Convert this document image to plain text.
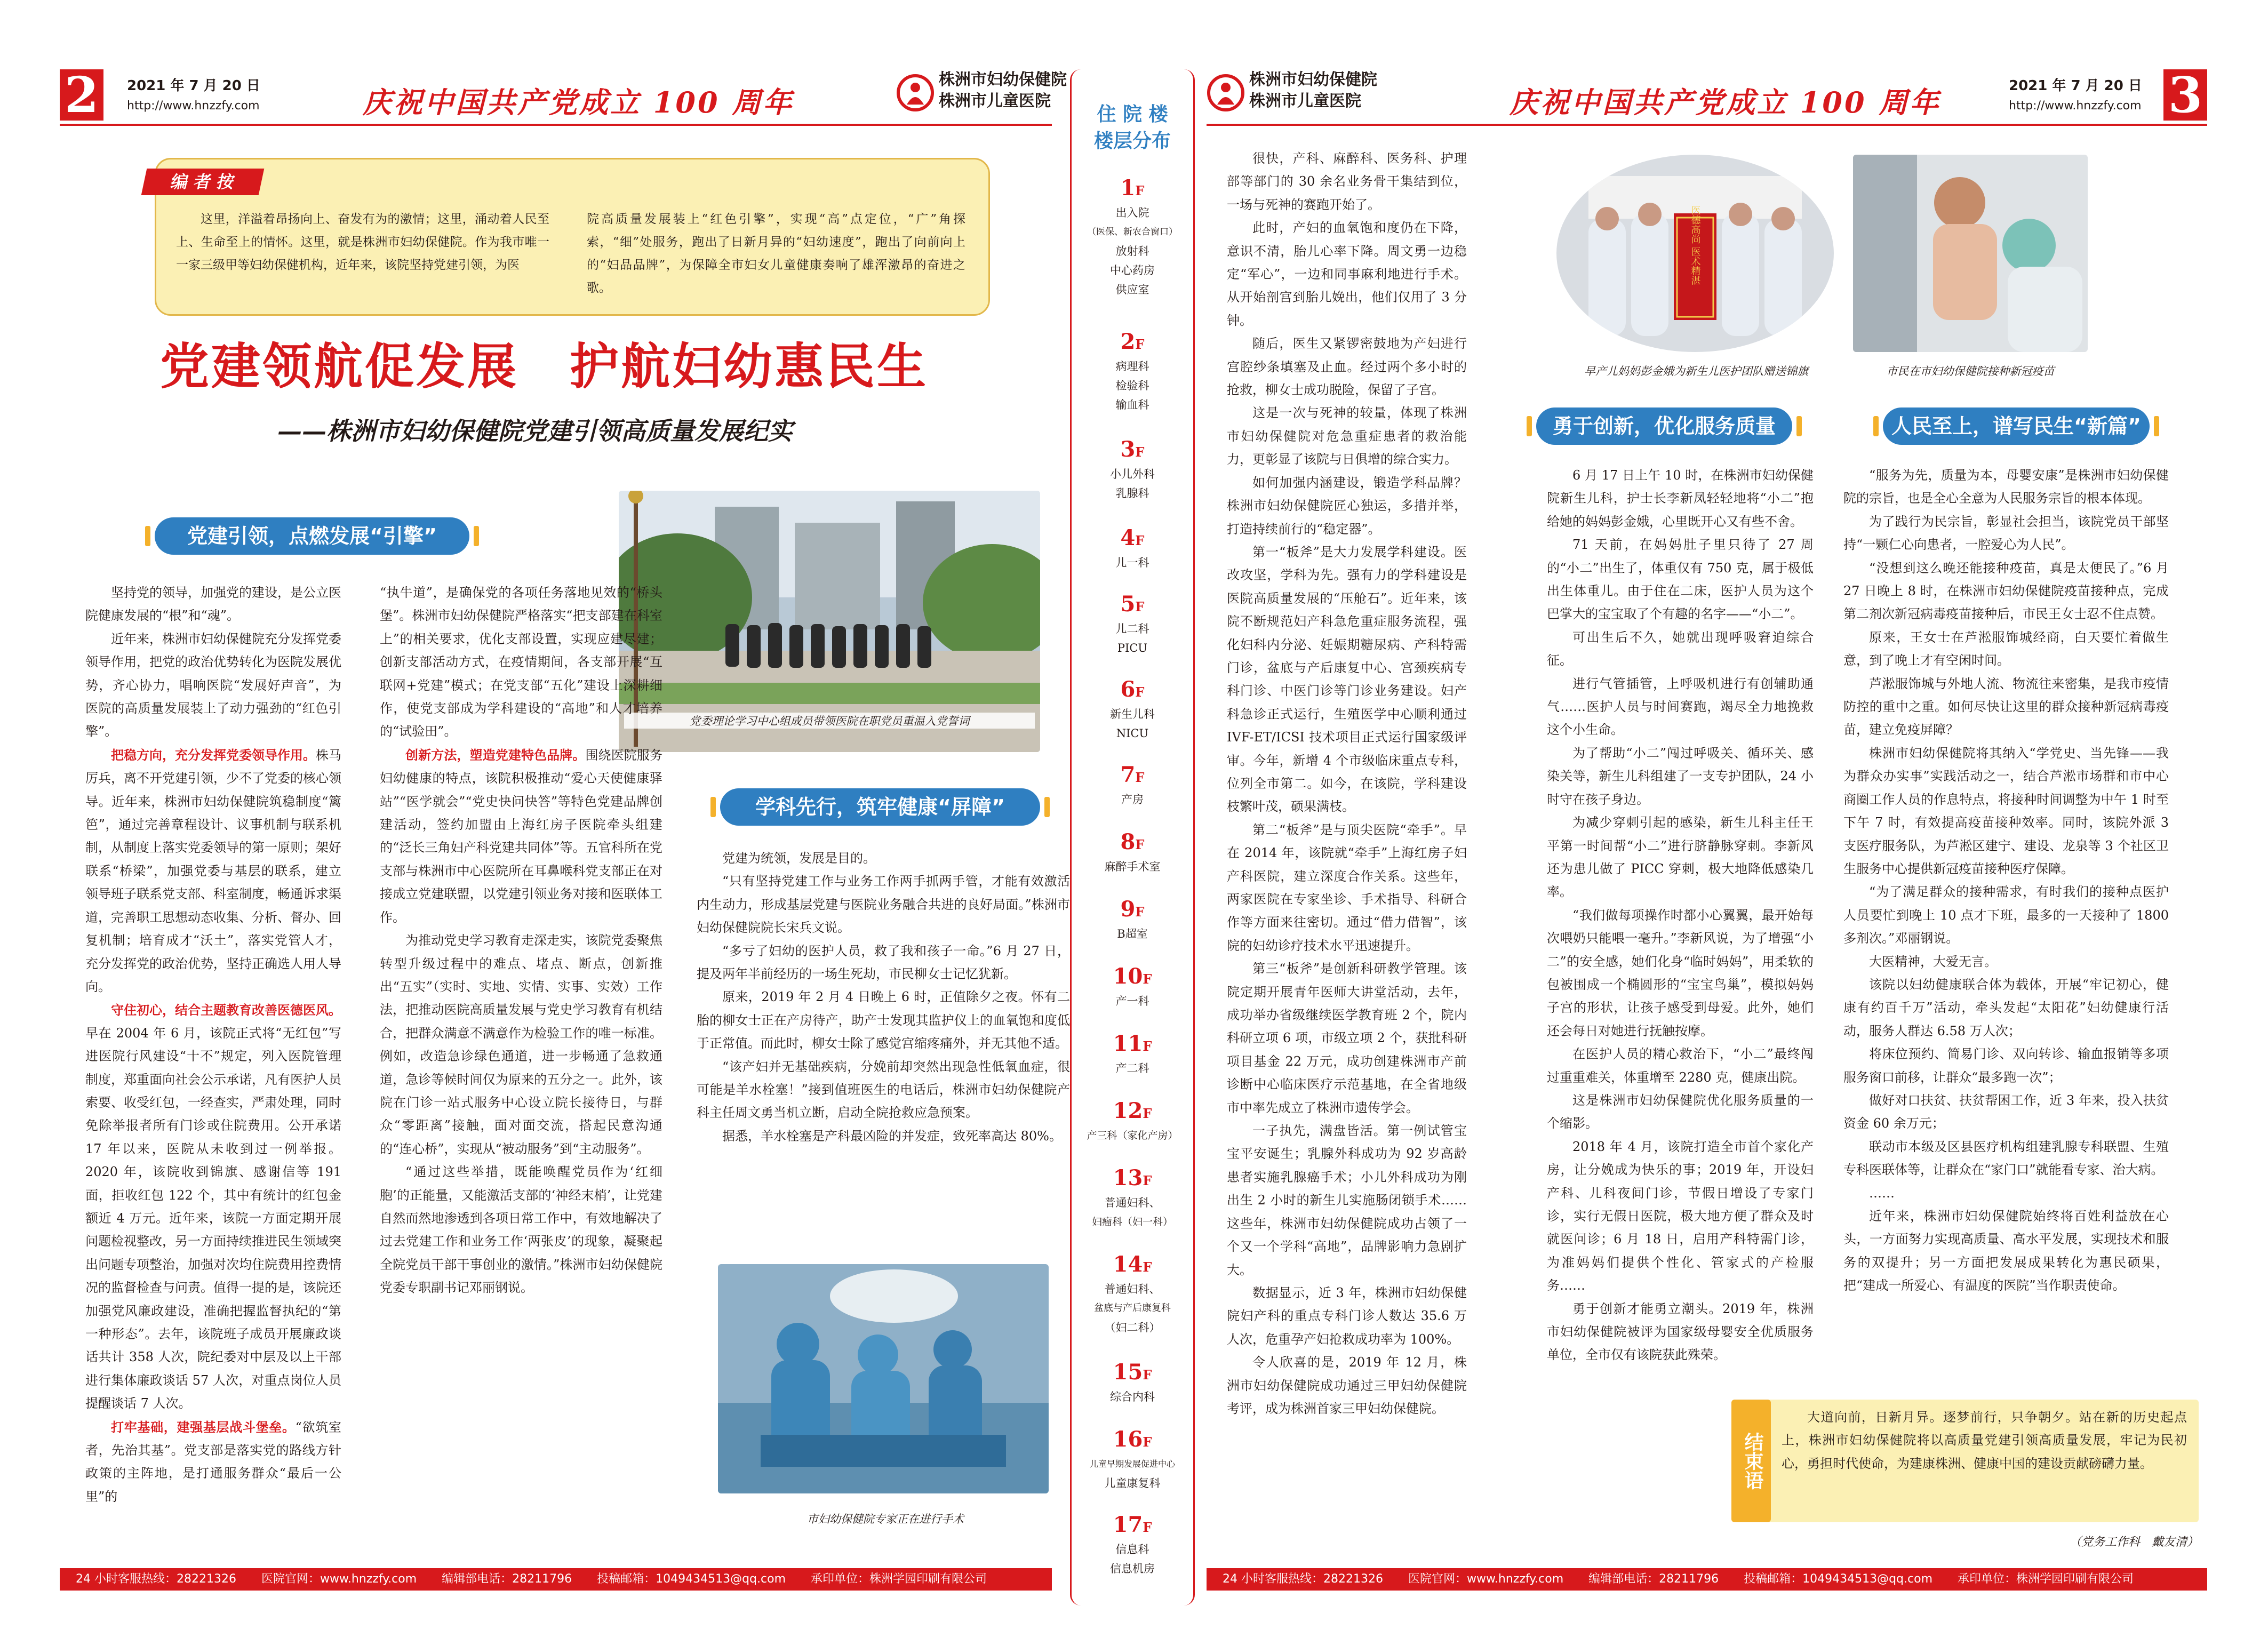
2	2021 年 7 月 20 日
http://www.hnzzfy.com	庆祝中国共产党成立 100 周年
株洲市妇幼保健院
株洲市儿童医院
编 者 按
这里，洋溢着昂扬向上、奋发有为的激情；这里，涌动着人民至上、生命至上的情怀。这里，就是株洲市妇幼保健院。作为我市唯一一家三级甲等妇幼保健机构，近年来，该院坚持党建引领，为医
院高质量发展装上“红色引擎”，实现“高”点定位，“广”角探索，“细”处服务，跑出了日新月异的“妇幼速度”，跑出了向前向上的“妇品品牌”，为保障全市妇女儿童健康奏响了雄浑激昂的奋进之歌。
党建领航促发展　护航妇幼惠民生
——株洲市妇幼保健院党建引领高质量发展纪实
党建引领，点燃发展“引擎”
党委理论学习中心组成员带领医院在职党员重温入党誓词

坚持党的领导，加强党的建设，是公立医院健康发展的“根”和“魂”。

近年来，株洲市妇幼保健院充分发挥党委领导作用，把党的政治优势转化为医院发展优势，齐心协力，唱响医院“发展好声音”，为医院的高质量发展装上了动力强劲的“红色引擎”。

把稳方向，充分发挥党委领导作用。

株马厉兵，离不开党建引领，少不了党委的核心领导。近年来，株洲市妇幼保健院筑稳制度“篱笆”，通过完善章程设计、议事机制与联系机制，从制度上落实党委领导的第一原则；架好联系“桥梁”，加强党委与基层的联系，建立领导班子联系党支部、科室制度，畅通诉求渠道，完善职工思想动态收集、分析、督办、回复机制；培育成才“沃土”，落实党管人才，充分发挥党的政治优势，坚持正确选人用人导向。

守住初心，结合主题教育改善医德医风。

早在 2004 年 6 月，该院正式将“无红包”写进医院行风建设“十不”规定，列入医院管理制度，郑重面向社会公示承诺，凡有医护人员索要、收受红包，一经查实，严肃处理，同时免除举报者所有门诊或住院费用。公开承诺 17 年以来，医院从未收到过一例举报。2020 年，该院收到锦旗、感谢信等 191 面，拒收红包 122 个，其中有统计的红包金额近 4 万元。近年来，该院一方面定期开展问题检视整改，另一方面持续推进民生领域突出问题专项整治，加强对次均住院费用控费情况的监督检查与问责。值得一提的是，该院还加强党风廉政建设，准确把握监督执纪的“第一种形态”。去年，该院班子成员开展廉政谈话共计 358 人次，院纪委对中层及以上干部进行集体廉政谈话 57 人次，对重点岗位人员提醒谈话 7 人次。

打牢基础，建强基层战斗堡垒。

“欲筑室者，先治其基”。党支部是落实党的路线方针政策的主阵地，是打通服务群众“最后一公里”的

“执牛道”，是确保党的各项任务落地见效的“桥头堡”。株洲市妇幼保健院严格落实“把支部建在科室上”的相关要求，优化支部设置，实现应建尽建；创新支部活动方式，在疫情期间，各支部开展“互联网+党建”模式；在党支部“五化”建设上深耕细作，使党支部成为学科建设的“高地”和人才培养的“试验田”。

创新方法，塑造党建特色品牌。

围绕医院服务妇幼健康的特点，该院积极推动“爱心天使健康驿站”“医学就会”“党史快问快答”等特色党建品牌创建活动，签约加盟由上海红房子医院牵头组建的“泛长三角妇产科党建共同体”等。五官科所在党支部与株洲市中心医院所在耳鼻喉科党支部正在对接成立党建联盟，以党建引领业务对接和医联体工作。

为推动党史学习教育走深走实，该院党委聚焦转型升级过程中的难点、堵点、断点，创新推出“五实”（实时、实地、实情、实事、实效）工作法，把推动医院高质量发展与党史学习教育有机结合，把群众满意不满意作为检验工作的唯一标准。例如，改造急诊绿色通道，进一步畅通了急救通道，急诊等候时间仅为原来的五分之一。此外，该院在门诊一站式服务中心设立院长接待日，与群众“零距离”接触，面对面交流，搭起民意沟通的“连心桥”，实现从“被动服务”到“主动服务”。

“通过这些举措，既能唤醒党员作为‘红细胞’的正能量，又能激活支部的‘神经末梢’，让党建自然而然地渗透到各项日常工作中，有效地解决了过去党建工作和业务工作‘两张皮’的现象，凝聚起全院党员干部干事创业的激情。”株洲市妇幼保健院党委专职副书记邓丽钢说。

学科先行，筑牢健康“屏障”

党建为统领，发展是目的。

“只有坚持党建工作与业务工作两手抓两手管，才能有效激活内生动力，形成基层党建与医院业务融合共进的良好局面。”株洲市妇幼保健院院长宋兵文说。

“多亏了妇幼的医护人员，救了我和孩子一命。”6 月 27 日，提及两年半前经历的一场生死劫，市民柳女士记忆犹新。

原来，2019 年 2 月 4 日晚上 6 时，正值除夕之夜。怀有二胎的柳女士正在产房待产，助产士发现其监护仪上的血氧饱和度低于正常值。而此时，柳女士除了感觉宫缩疼痛外，并无其他不适。

“该产妇并无基础疾病，分娩前却突然出现急性低氧血症，很可能是羊水栓塞！”接到值班医生的电话后，株洲市妇幼保健院产科主任周文勇当机立断，启动全院抢救应急预案。

据悉，羊水栓塞是产科最凶险的并发症，致死率高达 80%。

市妇幼保健院专家正在进行手术
住 院 楼
楼层分布
1F
出入院
（医保、新农合窗口）
放射科
中心药房
供应室
2F
病理科
检验科
输血科
3F
小儿外科
乳腺科
4F
儿一科
5F
儿二科
PICU
6F
新生儿科
NICU
7F
产房
8F
麻醉手术室
9F
B超室
10F
产一科
11F
产二科
12F
产三科（家化产房）
13F
普通妇科、
妇瘤科（妇一科）
14F
普通妇科、
盆底与产后康复科
（妇二科）
15F
综合内科
16F
儿童早期发展促进中心
儿童康复科
17F
信息科
信息机房
株洲市妇幼保健院
株洲市儿童医院	庆祝中国共产党成立 100 周年	2021 年 7 月 20 日
http://www.hnzzfy.com 3

很快，产科、麻醉科、医务科、护理部等部门的 30 余名业务骨干集结到位，一场与死神的赛跑开始了。

此时，产妇的血氧饱和度仍在下降，意识不清，胎儿心率下降。周文勇一边稳定“军心”，一边和同事麻利地进行手术。从开始剖宫到胎儿娩出，他们仅用了 3 分钟。

随后，医生又紧锣密鼓地为产妇进行宫腔纱条填塞及止血。经过两个多小时的抢救，柳女士成功脱险，保留了子宫。

这是一次与死神的较量，体现了株洲市妇幼保健院对危急重症患者的救治能力，更彰显了该院与日俱增的综合实力。

如何加强内涵建设，锻造学科品牌？株洲市妇幼保健院匠心独运，多措并举，打造持续前行的“稳定器”。

第一“板斧”是大力发展学科建设。医改攻坚，学科为先。强有力的学科建设是医院高质量发展的“压舱石”。近年来，该院不断规范妇产科急危重症服务流程，强化妇科内分泌、妊娠期糖尿病、产科特需门诊，盆底与产后康复中心、宫颈疾病专科门诊、中医门诊等门诊业务建设。妇产科急诊正式运行，生殖医学中心顺利通过 IVF-ET/ICSI 技术项目正式运行国家级评审。今年，新增 4 个市级临床重点专科，位列全市第二。如今，在该院，学科建设枝繁叶茂，硕果满枝。

第二“板斧”是与顶尖医院“牵手”。早在 2014 年，该院就“牵手”上海红房子妇产科医院，建立深度合作关系。这些年，两家医院在专家坐诊、手术指导、科研合作等方面来往密切。通过“借力借智”，该院的妇幼诊疗技术水平迅速提升。

第三“板斧”是创新科研教学管理。该院定期开展青年医师大讲堂活动，去年，成功举办省级继续医学教育班 2 个，院内科研立项 6 项，市级立项 2 个，获批科研项目基金 22 万元，成功创建株洲市产前诊断中心临床医疗示范基地，在全省地级市中率先成立了株洲市遗传学会。

一子执先，满盘皆活。第一例试管宝宝平安诞生；乳腺外科成功为 92 岁高龄患者实施乳腺癌手术；小儿外科成功为刚出生 2 小时的新生儿实施肠闭锁手术……这些年，株洲市妇幼保健院成功占领了一个又一个学科“高地”，品牌影响力急剧扩大。

数据显示，近 3 年，株洲市妇幼保健院妇产科的重点专科门诊人数达 35.6 万人次，危重孕产妇抢救成功率为 100%。

令人欣喜的是，2019 年 12 月，株洲市妇幼保健院成功通过三甲妇幼保健院考评，成为株洲首家三甲妇幼保健院。

医德高尚 医术精湛
早产儿妈妈彭金娥为新生儿医护团队赠送锦旗	市民在市妇幼保健院接种新冠疫苗
勇于创新，优化服务质量	人民至上，谱写民生“新篇”

6 月 17 日上午 10 时，在株洲市妇幼保健院新生儿科，护士长李新凤轻轻地将“小二”抱给她的妈妈彭金娥，心里既开心又有些不舍。

71 天前，在妈妈肚子里只待了 27 周的“小二”出生了，体重仅有 750 克，属于极低出生体重儿。由于住在二床，医护人员为这个巴掌大的宝宝取了个有趣的名字——“小二”。

可出生后不久，她就出现呼吸窘迫综合征。

进行气管插管，上呼吸机进行有创辅助通气……医护人员与时间赛跑，竭尽全力地挽救这个小生命。

为了帮助“小二”闯过呼吸关、循环关、感染关等，新生儿科组建了一支专护团队，24 小时守在孩子身边。

为减少穿刺引起的感染，新生儿科主任王平第一时间帮“小二”进行脐静脉穿刺。李新风还为患儿做了 PICC 穿刺，极大地降低感染几率。

“我们做每项操作时都小心翼翼，最开始每次喂奶只能喂一毫升。”李新风说，为了增强“小二”的安全感，她们化身“临时妈妈”，用柔软的包被围成一个椭圆形的“宝宝鸟巢”，模拟妈妈子宫的形状，让孩子感受到母爱。此外，她们还会每日对她进行抚触按摩。

在医护人员的精心救治下，“小二”最终闯过重重难关，体重增至 2280 克，健康出院。

这是株洲市妇幼保健院优化服务质量的一个缩影。

2018 年 4 月，该院打造全市首个家化产房，让分娩成为快乐的事；2019 年，开设妇产科、儿科夜间门诊，节假日增设了专家门诊，实行无假日医院，极大地方便了群众及时就医问诊；6 月 18 日，启用产科特需门诊，为准妈妈们提供个性化、管家式的产检服务……

勇于创新才能勇立潮头。2019 年，株洲市妇幼保健院被评为国家级母婴安全优质服务单位，全市仅有该院获此殊荣。

“服务为先，质量为本，母婴安康”是株洲市妇幼保健院的宗旨，也是全心全意为人民服务宗旨的根本体现。

为了践行为民宗旨，彰显社会担当，该院党员干部坚持“一颗仁心向患者，一腔爱心为人民”。

“没想到这么晚还能接种疫苗，真是太便民了。”6 月 27 日晚上 8 时，在株洲市妇幼保健院疫苗接种点，完成第二剂次新冠病毒疫苗接种后，市民王女士忍不住点赞。

原来，王女士在芦淞服饰城经商，白天要忙着做生意，到了晚上才有空闲时间。

芦淞服饰城与外地人流、物流往来密集，是我市疫情防控的重中之重。如何尽快让这里的群众接种新冠病毒疫苗，建立免疫屏障？

株洲市妇幼保健院将其纳入“学党史、当先锋——我为群众办实事”实践活动之一，结合芦淞市场群和市中心商圈工作人员的作息特点，将接种时间调整为中午 1 时至下午 7 时，有效提高疫苗接种效率。同时，该院外派 3 支医疗服务队，为芦淞区建宁、建设、龙泉等 3 个社区卫生服务中心提供新冠疫苗接种医疗保障。

“为了满足群众的接种需求，有时我们的接种点医护人员要忙到晚上 10 点才下班，最多的一天接种了 1800 多剂次。”邓丽钢说。

大医精神，大爱无言。

该院以妇幼健康联合体为载体，开展“牢记初心，健康有约百千万”活动，牵头发起“太阳花”妇幼健康行活动，服务人群达 6.58 万人次；

将床位预约、简易门诊、双向转诊、输血报销等多项服务窗口前移，让群众“最多跑一次”；

做好对口扶贫、扶贫帮困工作，近 3 年来，投入扶贫资金 60 余万元；

联动市本级及区县医疗机构组建乳腺专科联盟、生殖专科医联体等，让群众在“家门口”就能看专家、治大病。

……

近年来，株洲市妇幼保健院始终将百姓利益放在心头，一方面努力实现高质量、高水平发展，实现技术和服务的双提升；另一方面把发展成果转化为惠民硕果，把“建成一所爱心、有温度的医院”当作职责使命。

结束语
大道向前，日新月异。逐梦前行，只争朝夕。站在新的历史起点上，株洲市妇幼保健院将以高质量党建引领高质量发展，牢记为民初心，勇担时代使命，为建康株洲、健康中国的建设贡献磅礴力量。
（党务工作科　戴友清）
24 小时客服热线：28221326 医院官网：www.hnzzfy.com 编辑部电话：28211796 投稿邮箱：1049434513@qq.com 承印单位：株洲学园印刷有限公司	24 小时客服热线：28221326 医院官网：www.hnzzfy.com 编辑部电话：28211796 投稿邮箱：1049434513@qq.com 承印单位：株洲学园印刷有限公司
